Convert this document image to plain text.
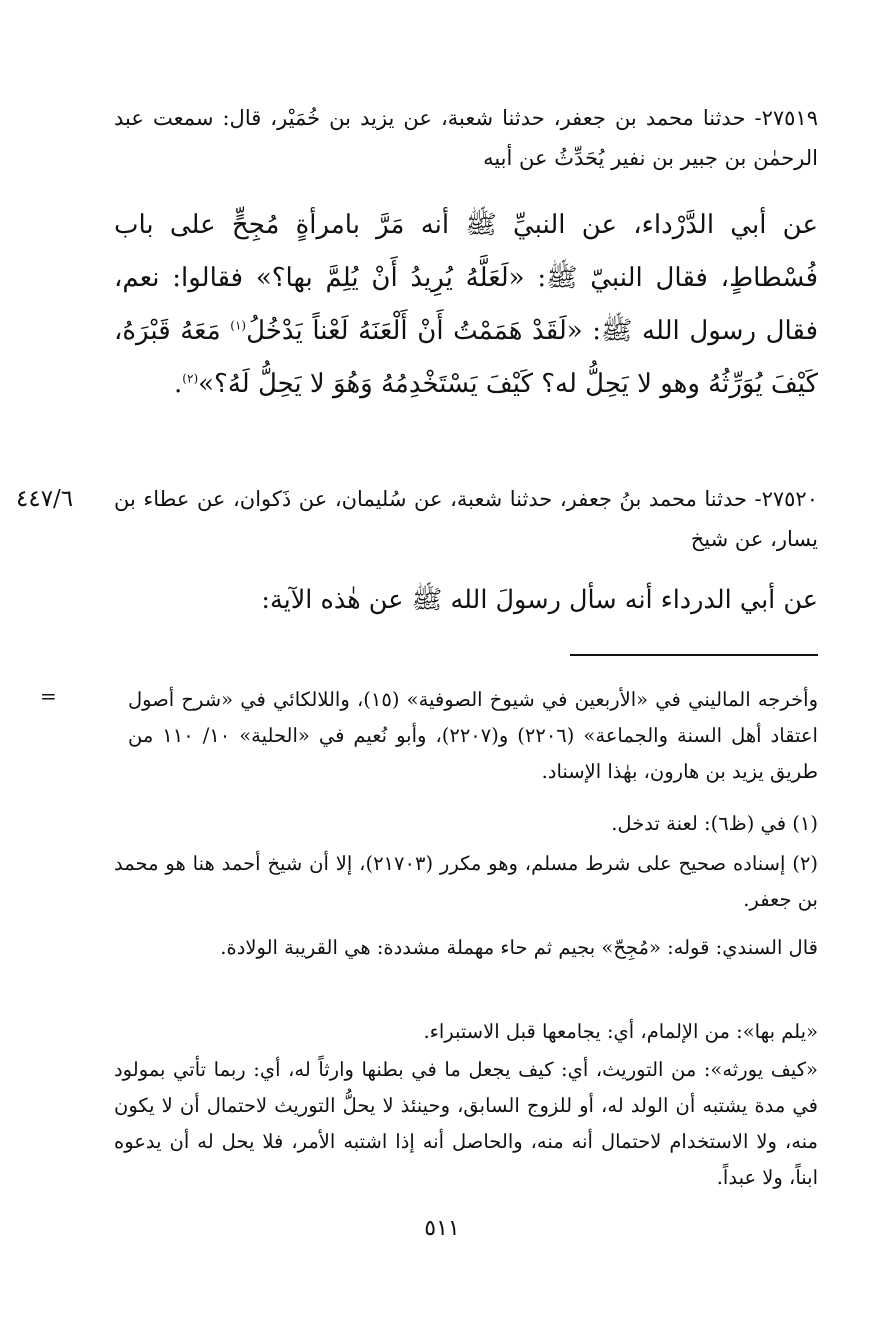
٢٧٥١٩- حدثنا محمد بن جعفر، حدثنا شعبة، عن يزيد بن خُمَيْر، قال: سمعت عبد الرحمٰن بن جبير بن نفير يُحَدِّثُ عن أبيه
عن أبي الدَّرْداء، عن النبيِّ ﷺ أنه مَرَّ بامرأةٍ مُجِحٍّ على باب فُسْطاطٍ، فقال النبيّ ﷺ: «لَعَلَّهُ يُرِيدُ أَنْ يُلِمَّ بها؟» فقالوا: نعم، فقال رسول الله ﷺ: «لَقَدْ هَمَمْتُ أَنْ أَلْعَنَهُ لَعْناً يَدْخُلُ$^{(١)}$ مَعَهُ قَبْرَهُ، كَيْفَ يُوَرِّثُهُ وهو لا يَحِلُّ له؟ كَيْفَ يَسْتَخْدِمُهُ وَهُوَ لا يَحِلُّ لَهُ؟»$^{(٢)}$.
٤٤٧/٦ ٢٧٥٢٠- حدثنا محمد بنُ جعفر، حدثنا شعبة، عن سُليمان، عن ذَكوان، عن عطاء بن يسار، عن شيخ
عن أبي الدرداء أنه سأل رسولَ الله ﷺ عن هٰذه الآية:
=	وأخرجه الماليني في «الأربعين في شيوخ الصوفية» (١٥)، واللالكائي في «شرح أصول اعتقاد أهل السنة والجماعة» (٢٢٠٦) و(٢٢٠٧)، وأبو نُعيم في «الحلية» ١٠/ ١١٠ من طريق يزيد بن هارون، بهٰذا الإسناد.
(١) في (ظ٦): لعنة تدخل.
(٢) إسناده صحيح على شرط مسلم، وهو مكرر (٢١٧٠٣)، إلا أن شيخ أحمد هنا هو محمد بن جعفر.
قال السندي: قوله: «مُجِحّ» بجيم ثم حاء مهملة مشددة: هي القريبة الولادة.
«يلم بها»: من الإلمام، أي: يجامعها قبل الاستبراء.
«كيف يورثه»: من التوريث، أي: كيف يجعل ما في بطنها وارثاً له، أي: ربما تأتي بمولود في مدة يشتبه أن الولد له، أو للزوج السابق، وحينئذ لا يحلُّ التوريث لاحتمال أن لا يكون منه، ولا الاستخدام لاحتمال أنه منه، والحاصل أنه إذا اشتبه الأمر، فلا يحل له أن يدعوه ابناً، ولا عبداً.
٥١١
